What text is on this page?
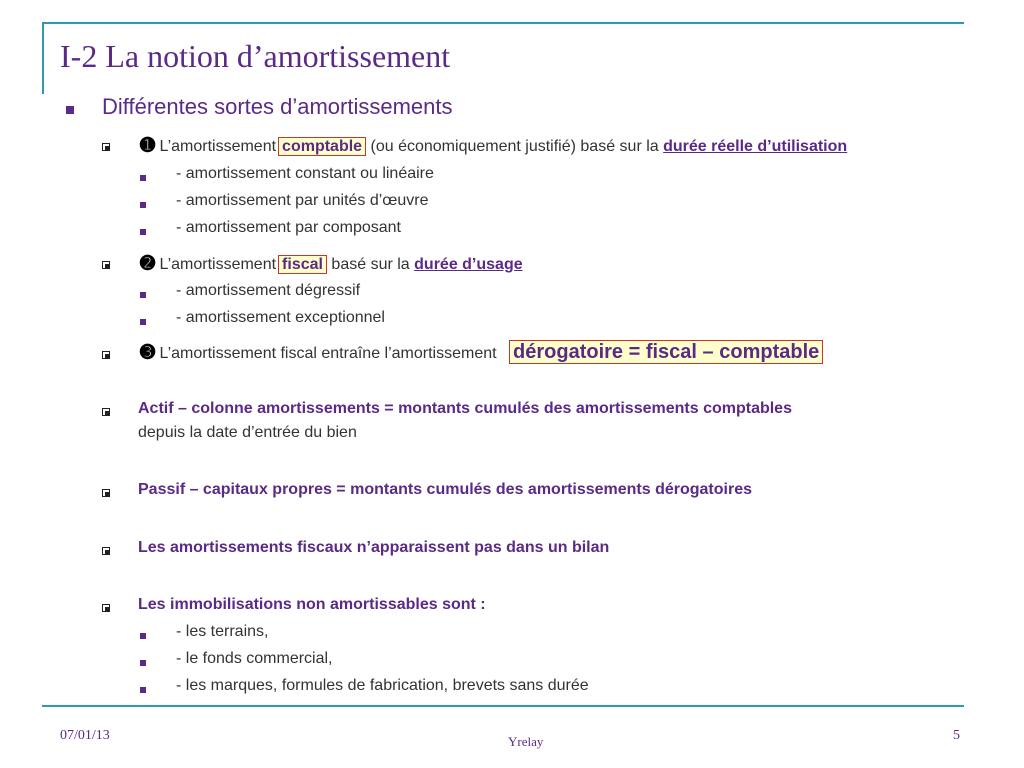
I-2 La notion d’amortissement
Différentes sortes d’amortissements
➊ L’amortissement comptable (ou économiquement justifié) basé sur la durée réelle d’utilisation
- amortissement constant ou linéaire
- amortissement par unités d’œuvre
- amortissement par composant
➋ L’amortissement fiscal basé sur la durée d’usage
- amortissement dégressif
- amortissement exceptionnel
➌ L’amortissement fiscal entraîne l’amortissement dérogatoire = fiscal – comptable
Actif – colonne amortissements = montants cumulés des amortissements comptables
depuis la date d’entrée du bien
Passif – capitaux propres = montants cumulés des amortissements dérogatoires
Les amortissements fiscaux n’apparaissent pas dans un bilan
Les immobilisations non amortissables sont :
- les terrains,
- le fonds commercial,
- les marques, formules de fabrication, brevets sans durée
07/01/13	Yrelay	5
